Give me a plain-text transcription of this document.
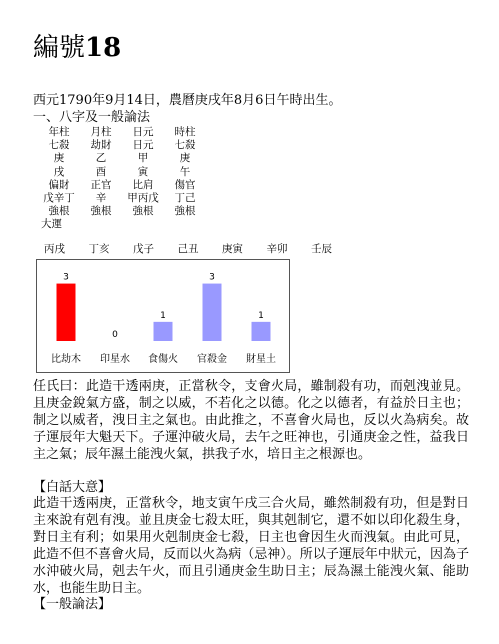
編號18
西元1790年9月14日，農曆庚戌年8月6日午時出生。
一、八字及一般論法
年柱	月柱	日元	時柱
七殺	劫財	日元	七殺
庚	乙	甲	庚
戌	酉	寅	午
偏財	正官	比肩	傷官
戊辛丁	辛	甲丙戊	丁己
強根	強根	強根	強根
大運
丙戌	丁亥	戊子	己丑	庚寅	辛卯	壬辰
3
比劫木
0
印星水
1
食傷火
3
官殺金
1
財星土
任氏曰：此造干透兩庚，正當秋令，支會火局，雖制殺有功，而剋洩並見。且庚金銳氣方盛，制之以威，不若化之以德。化之以德者，有益於日主也；制之以威者，洩日主之氣也。由此推之，不喜會火局也，反以火為病矣。故子運辰年大魁天下。子運沖破火局，去午之旺神也，引通庚金之性，益我日主之氣；辰年濕土能洩火氣，拱我子水，培日主之根源也。
【白話大意】
此造干透兩庚，正當秋令，地支寅午戌三合火局，雖然制殺有功，但是對日主來說有剋有洩。並且庚金七殺太旺，與其剋制它，還不如以印化殺生身，對日主有利；如果用火剋制庚金七殺，日主也會因生火而洩氣。由此可見，此造不但不喜會火局，反而以火為病（忌神）。所以子運辰年中狀元，因為子水沖破火局，剋去午火，而且引通庚金生助日主；辰為濕土能洩火氣、能助水，也能生助日主。
【一般論法】
